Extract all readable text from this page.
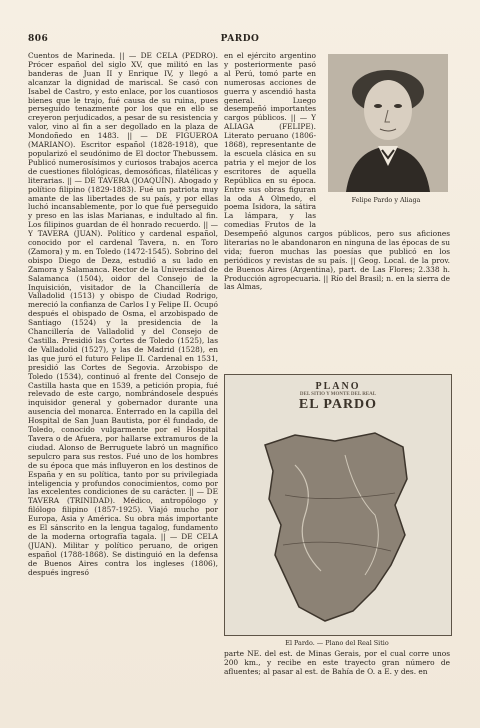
806	PARDO
Cuentos de Marineda. || — DE CELA (PEDRO). Prócer español del siglo XV, que militó en las banderas de Juan II y Enrique IV, y llegó a alcanzar la dignidad de mariscal. Se casó con Isabel de Castro, y esto enlace, por los cuantiosos bienes que le trajo, fué causa de su ruina, pues perseguido tenazmente por los que en ello se creyeron perjudicados, a pesar de su resistencia y valor, vino al fin a ser degollado en la plaza de Mondoñedo en 1483. || — DE FIGUEROA (MARIANO). Escritor español (1828-1918), que popularizó el seudónimo de El doctor Thebussem. Publicó numerosísimos y curiosos trabajos acerca de cuestiones filológicas, demosóficas, filatélicas y literarias. || — DE TAVERA (JOAQUÍN). Abogado y político filipino (1829-1883). Fué un patriota muy amante de las libertades de su país, y por ellas luchó incansablemente, por lo que fué perseguido y preso en las islas Marianas, e indultado al fin. Los filipinos guardan de él honrado recuerdo. || — Y TAVERA (JUAN). Político y cardenal español, conocido por el cardenal Tavera, n. en Toro (Zamora) y m. en Toledo (1472-1545). Sobrino del obispo Diego de Deza, estudió a su lado en Zamora y Salamanca. Rector de la Universidad de Salamanca (1504), oidor del Consejo de la Inquisición, visitador de la Chancillería de Valladolid (1513) y obispo de Ciudad Rodrigo, mereció la confianza de Carlos I y Felipe II. Ocupó después el obispado de Osma, el arzobispado de Santiago (1524) y la presidencia de la Chancillería de Valladolid y del Consejo de Castilla. Presidió las Cortes de Toledo (1525), las de Valladolid (1527), y las de Madrid (1528), en las que juró el futuro Felipe II. Cardenal en 1531, presidió las Cortes de Segovia. Arzobispo de Toledo (1534), continuó al frente del Consejo de Castilla hasta que en 1539, a petición propia, fué relevado de este cargo, nombrándosele después inquisidor general y gobernador durante una ausencia del monarca. Enterrado en la capilla del Hospital de San Juan Bautista, por él fundado, de Toledo, conocido vulgarmente por el Hospital Tavera o de Afuera, por hallarse extramuros de la ciudad. Alonso de Berruguete labró un magnífico sepulcro para sus restos. Fué uno de los hombres de su época que más influyeron en los destinos de España y en su política, tanto por su privilegiada inteligencia y profundos conocimientos, como por las excelentes condiciones de su carácter. || — DE TAVERA (TRINIDAD). Médico, antropólogo y filólogo filipino (1857-1925). Viajó mucho por Europa, Asia y América. Su obra más importante es El sánscrito en la lengua tagalog, fundamento de la moderna ortografía tagala. || — DE CELA (JUAN). Militar y político peruano, de origen español (1788-1868). Se distinguió en la defensa de Buenos Aires contra los ingleses (1806), después ingresó
en el ejército argentino y posteriormente pasó al Perú, tomó parte en numerosas acciones de guerra y ascendió hasta general. Luego desempeñó importantes cargos públicos. || — Y ALIAGA (FELIPE). Literato peruano (1806-1868), representante de la escuela clásica en su patria y el mejor de los escritores de aquella República en su época. Entre sus obras figuran la oda A Olmedo, el poema Isidora, la sátira La lámpara, y las comedias Frutos de la
Felipe Pardo y Aliaga
Desempeñó algunos cargos públicos, pero sus aficiones literarias no le abandonaron en ninguna de las épocas de su vida; fueron muchas las poesías que publicó en los periódicos y revistas de su país. || Geog. Local. de la prov. de Buenos Aires (Argentina), part. de Las Flores; 2.338 h. Producción agropecuaria. || Río del Brasil; n. en la sierra de las Almas,
PLANO
DEL SITIO Y MONTE DEL REAL
EL PARDO
El Pardo. — Plano del Real Sitio
parte NE. del est. de Minas Gerais, por el cual corre unos 200 km., y recibe en este trayecto gran número de afluentes; al pasar al est. de Bahía de O. a E. y des. en
